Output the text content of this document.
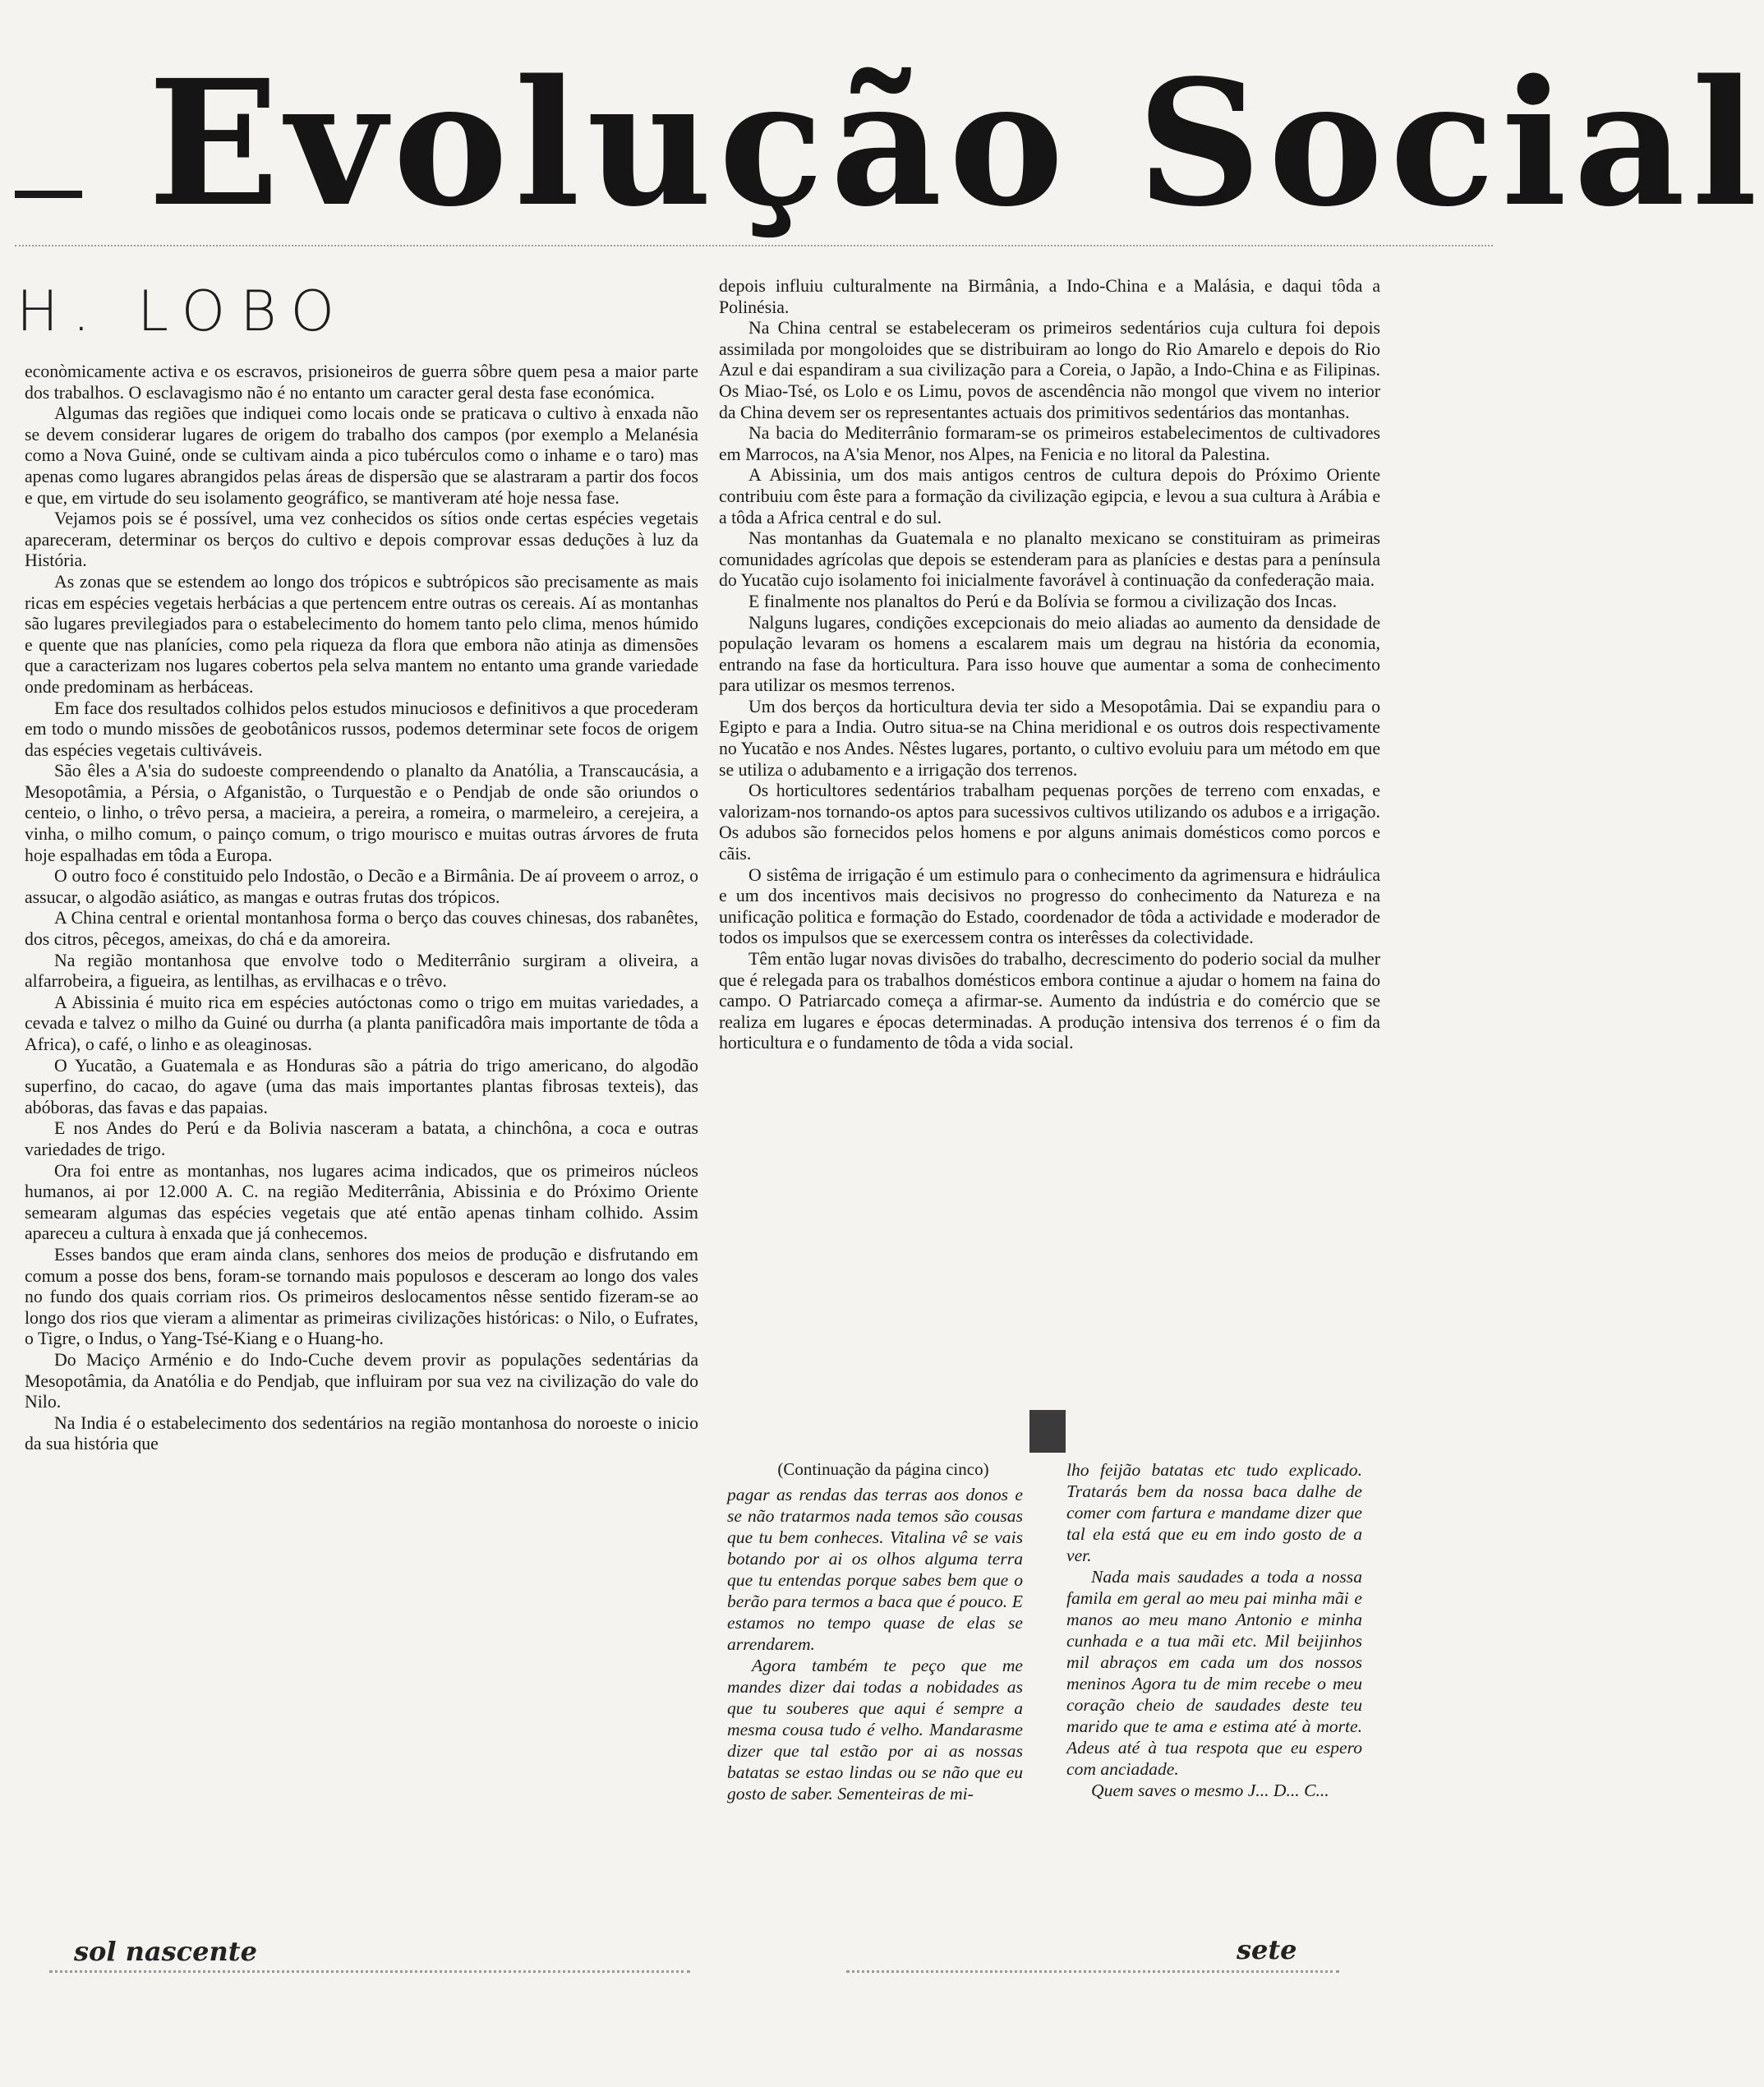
Evolução Social
H. LOBO

econòmicamente activa e os escravos, prisioneiros de guerra sôbre quem pesa a maior parte dos trabalhos. O esclavagismo não é no entanto um caracter geral desta fase económica.

Algumas das regiões que indiquei como locais onde se praticava o cultivo à enxada não se devem considerar lugares de origem do trabalho dos campos (por exemplo a Melanésia como a Nova Guiné, onde se cultivam ainda a pico tubérculos como o inhame e o taro) mas apenas como lugares abrangidos pelas áreas de dispersão que se alastraram a partir dos focos e que, em virtude do seu isolamento geográfico, se mantiveram até hoje nessa fase.

Vejamos pois se é possível, uma vez conhecidos os sítios onde certas espécies vegetais apareceram, determinar os berços do cultivo e depois comprovar essas deduções à luz da História.

As zonas que se estendem ao longo dos trópicos e subtrópicos são precisamente as mais ricas em espécies vegetais herbácias a que pertencem entre outras os cereais. Aí as montanhas são lugares previlegiados para o estabelecimento do homem tanto pelo clima, menos húmido e quente que nas planícies, como pela riqueza da flora que embora não atinja as dimensões que a caracterizam nos lugares cobertos pela selva mantem no entanto uma grande variedade onde predominam as herbáceas.

Em face dos resultados colhidos pelos estudos minuciosos e definitivos a que procederam em todo o mundo missões de geobotânicos russos, podemos determinar sete focos de origem das espécies vegetais cultiváveis.

São êles a A'sia do sudoeste compreendendo o planalto da Anatólia, a Transcaucásia, a Mesopotâmia, a Pérsia, o Afganistão, o Turquestão e o Pendjab de onde são oriundos o centeio, o linho, o trêvo persa, a macieira, a pereira, a romeira, o marmeleiro, a cerejeira, a vinha, o milho comum, o painço comum, o trigo mourisco e muitas outras árvores de fruta hoje espalhadas em tôda a Europa.

O outro foco é constituido pelo Indostão, o Decão e a Birmânia. De aí proveem o arroz, o assucar, o algodão asiático, as mangas e outras frutas dos trópicos.

A China central e oriental montanhosa forma o berço das couves chinesas, dos rabanêtes, dos citros, pêcegos, ameixas, do chá e da amoreira.

Na região montanhosa que envolve todo o Mediterrânio surgiram a oliveira, a alfarrobeira, a figueira, as lentilhas, as ervilhacas e o trêvo.

A Abissinia é muito rica em espécies autóctonas como o trigo em muitas variedades, a cevada e talvez o milho da Guiné ou durrha (a planta panificadôra mais importante de tôda a Africa), o café, o linho e as oleaginosas.

O Yucatão, a Guatemala e as Honduras são a pátria do trigo americano, do algodão superfino, do cacao, do agave (uma das mais importantes plantas fibrosas texteis), das abóboras, das favas e das papaias.

E nos Andes do Perú e da Bolivia nasceram a batata, a chinchôna, a coca e outras variedades de trigo.

Ora foi entre as montanhas, nos lugares acima indicados, que os primeiros núcleos humanos, ai por 12.000 A. C. na região Mediterrânia, Abissinia e do Próximo Oriente semearam algumas das espécies vegetais que até então apenas tinham colhido. Assim apareceu a cultura à enxada que já conhecemos.

Esses bandos que eram ainda clans, senhores dos meios de produção e disfrutando em comum a posse dos bens, foram-se tornando mais populosos e desceram ao longo dos vales no fundo dos quais corriam rios. Os primeiros deslocamentos nêsse sentido fizeram-se ao longo dos rios que vieram a alimentar as primeiras civilizações históricas: o Nilo, o Eufrates, o Tigre, o Indus, o Yang-Tsé-Kiang e o Huang-ho.

Do Maciço Arménio e do Indo-Cuche devem provir as populações sedentárias da Mesopotâmia, da Anatólia e do Pendjab, que influiram por sua vez na civilização do vale do Nilo.

Na India é o estabelecimento dos sedentários na região montanhosa do noroeste o inicio da sua história que

depois influiu culturalmente na Birmânia, a Indo-China e a Malásia, e daqui tôda a Polinésia.

Na China central se estabeleceram os primeiros sedentários cuja cultura foi depois assimilada por mongoloides que se distribuiram ao longo do Rio Amarelo e depois do Rio Azul e dai espandiram a sua civilização para a Coreia, o Japão, a Indo-China e as Filipinas. Os Miao-Tsé, os Lolo e os Limu, povos de ascendência não mongol que vivem no interior da China devem ser os representantes actuais dos primitivos sedentários das montanhas.

Na bacia do Mediterrânio formaram-se os primeiros estabelecimentos de cultivadores em Marrocos, na A'sia Menor, nos Alpes, na Fenicia e no litoral da Palestina.

A Abissinia, um dos mais antigos centros de cultura depois do Próximo Oriente contribuiu com êste para a formação da civilização egipcia, e levou a sua cultura à Arábia e a tôda a Africa central e do sul.

Nas montanhas da Guatemala e no planalto mexicano se constituiram as primeiras comunidades agrícolas que depois se estenderam para as planícies e destas para a península do Yucatão cujo isolamento foi inicialmente favorável à continuação da confederação maia.

E finalmente nos planaltos do Perú e da Bolívia se formou a civilização dos Incas.

Nalguns lugares, condições excepcionais do meio aliadas ao aumento da densidade de população levaram os homens a escalarem mais um degrau na história da economia, entrando na fase da horticultura. Para isso houve que aumentar a soma de conhecimento para utilizar os mesmos terrenos.

Um dos berços da horticultura devia ter sido a Mesopotâmia. Dai se expandiu para o Egipto e para a India. Outro situa-se na China meridional e os outros dois respectivamente no Yucatão e nos Andes. Nêstes lugares, portanto, o cultivo evoluiu para um método em que se utiliza o adubamento e a irrigação dos terrenos.

Os horticultores sedentários trabalham pequenas porções de terreno com enxadas, e valorizam-nos tornando-os aptos para sucessivos cultivos utilizando os adubos e a irrigação. Os adubos são fornecidos pelos homens e por alguns animais domésticos como porcos e cãis.

O sistêma de irrigação é um estimulo para o conhecimento da agrimensura e hidráulica e um dos incentivos mais decisivos no progresso do conhecimento da Natureza e na unificação politica e formação do Estado, coordenador de tôda a actividade e moderador de todos os impulsos que se exercessem contra os interêsses da colectividade.

Têm então lugar novas divisões do trabalho, decrescimento do poderio social da mulher que é relegada para os trabalhos domésticos embora continue a ajudar o homem na faina do campo. O Patriarcado começa a afirmar-se. Aumento da indústria e do comércio que se realiza em lugares e épocas determinadas. A produção intensiva dos terrenos é o fim da horticultura e o fundamento de tôda a vida social.

(Continuação da página cinco)

pagar as rendas das terras aos donos e se não tratarmos nada temos são cousas que tu bem conheces. Vitalina vê se vais botando por ai os olhos alguma terra que tu entendas porque sabes bem que o berão para termos a baca que é pouco. E estamos no tempo quase de elas se arrendarem.

Agora também te peço que me mandes dizer dai todas a nobidades as que tu souberes que aqui é sempre a mesma cousa tudo é velho. Mandarasme dizer que tal estão por ai as nossas batatas se estao lindas ou se não que eu gosto de saber. Sementeiras de mi-

lho feijão batatas etc tudo explicado. Tratarás bem da nossa baca dalhe de comer com fartura e mandame dizer que tal ela está que eu em indo gosto de a ver.

Nada mais saudades a toda a nossa famila em geral ao meu pai minha mãi e manos ao meu mano Antonio e minha cunhada e a tua mãi etc. Mil beijinhos mil abraços em cada um dos nossos meninos Agora tu de mim recebe o meu coração cheio de saudades deste teu marido que te ama e estima até à morte. Adeus até à tua respota que eu espero com anciadade.

Quem saves o mesmo J... D... C...

sol nascente	sete
